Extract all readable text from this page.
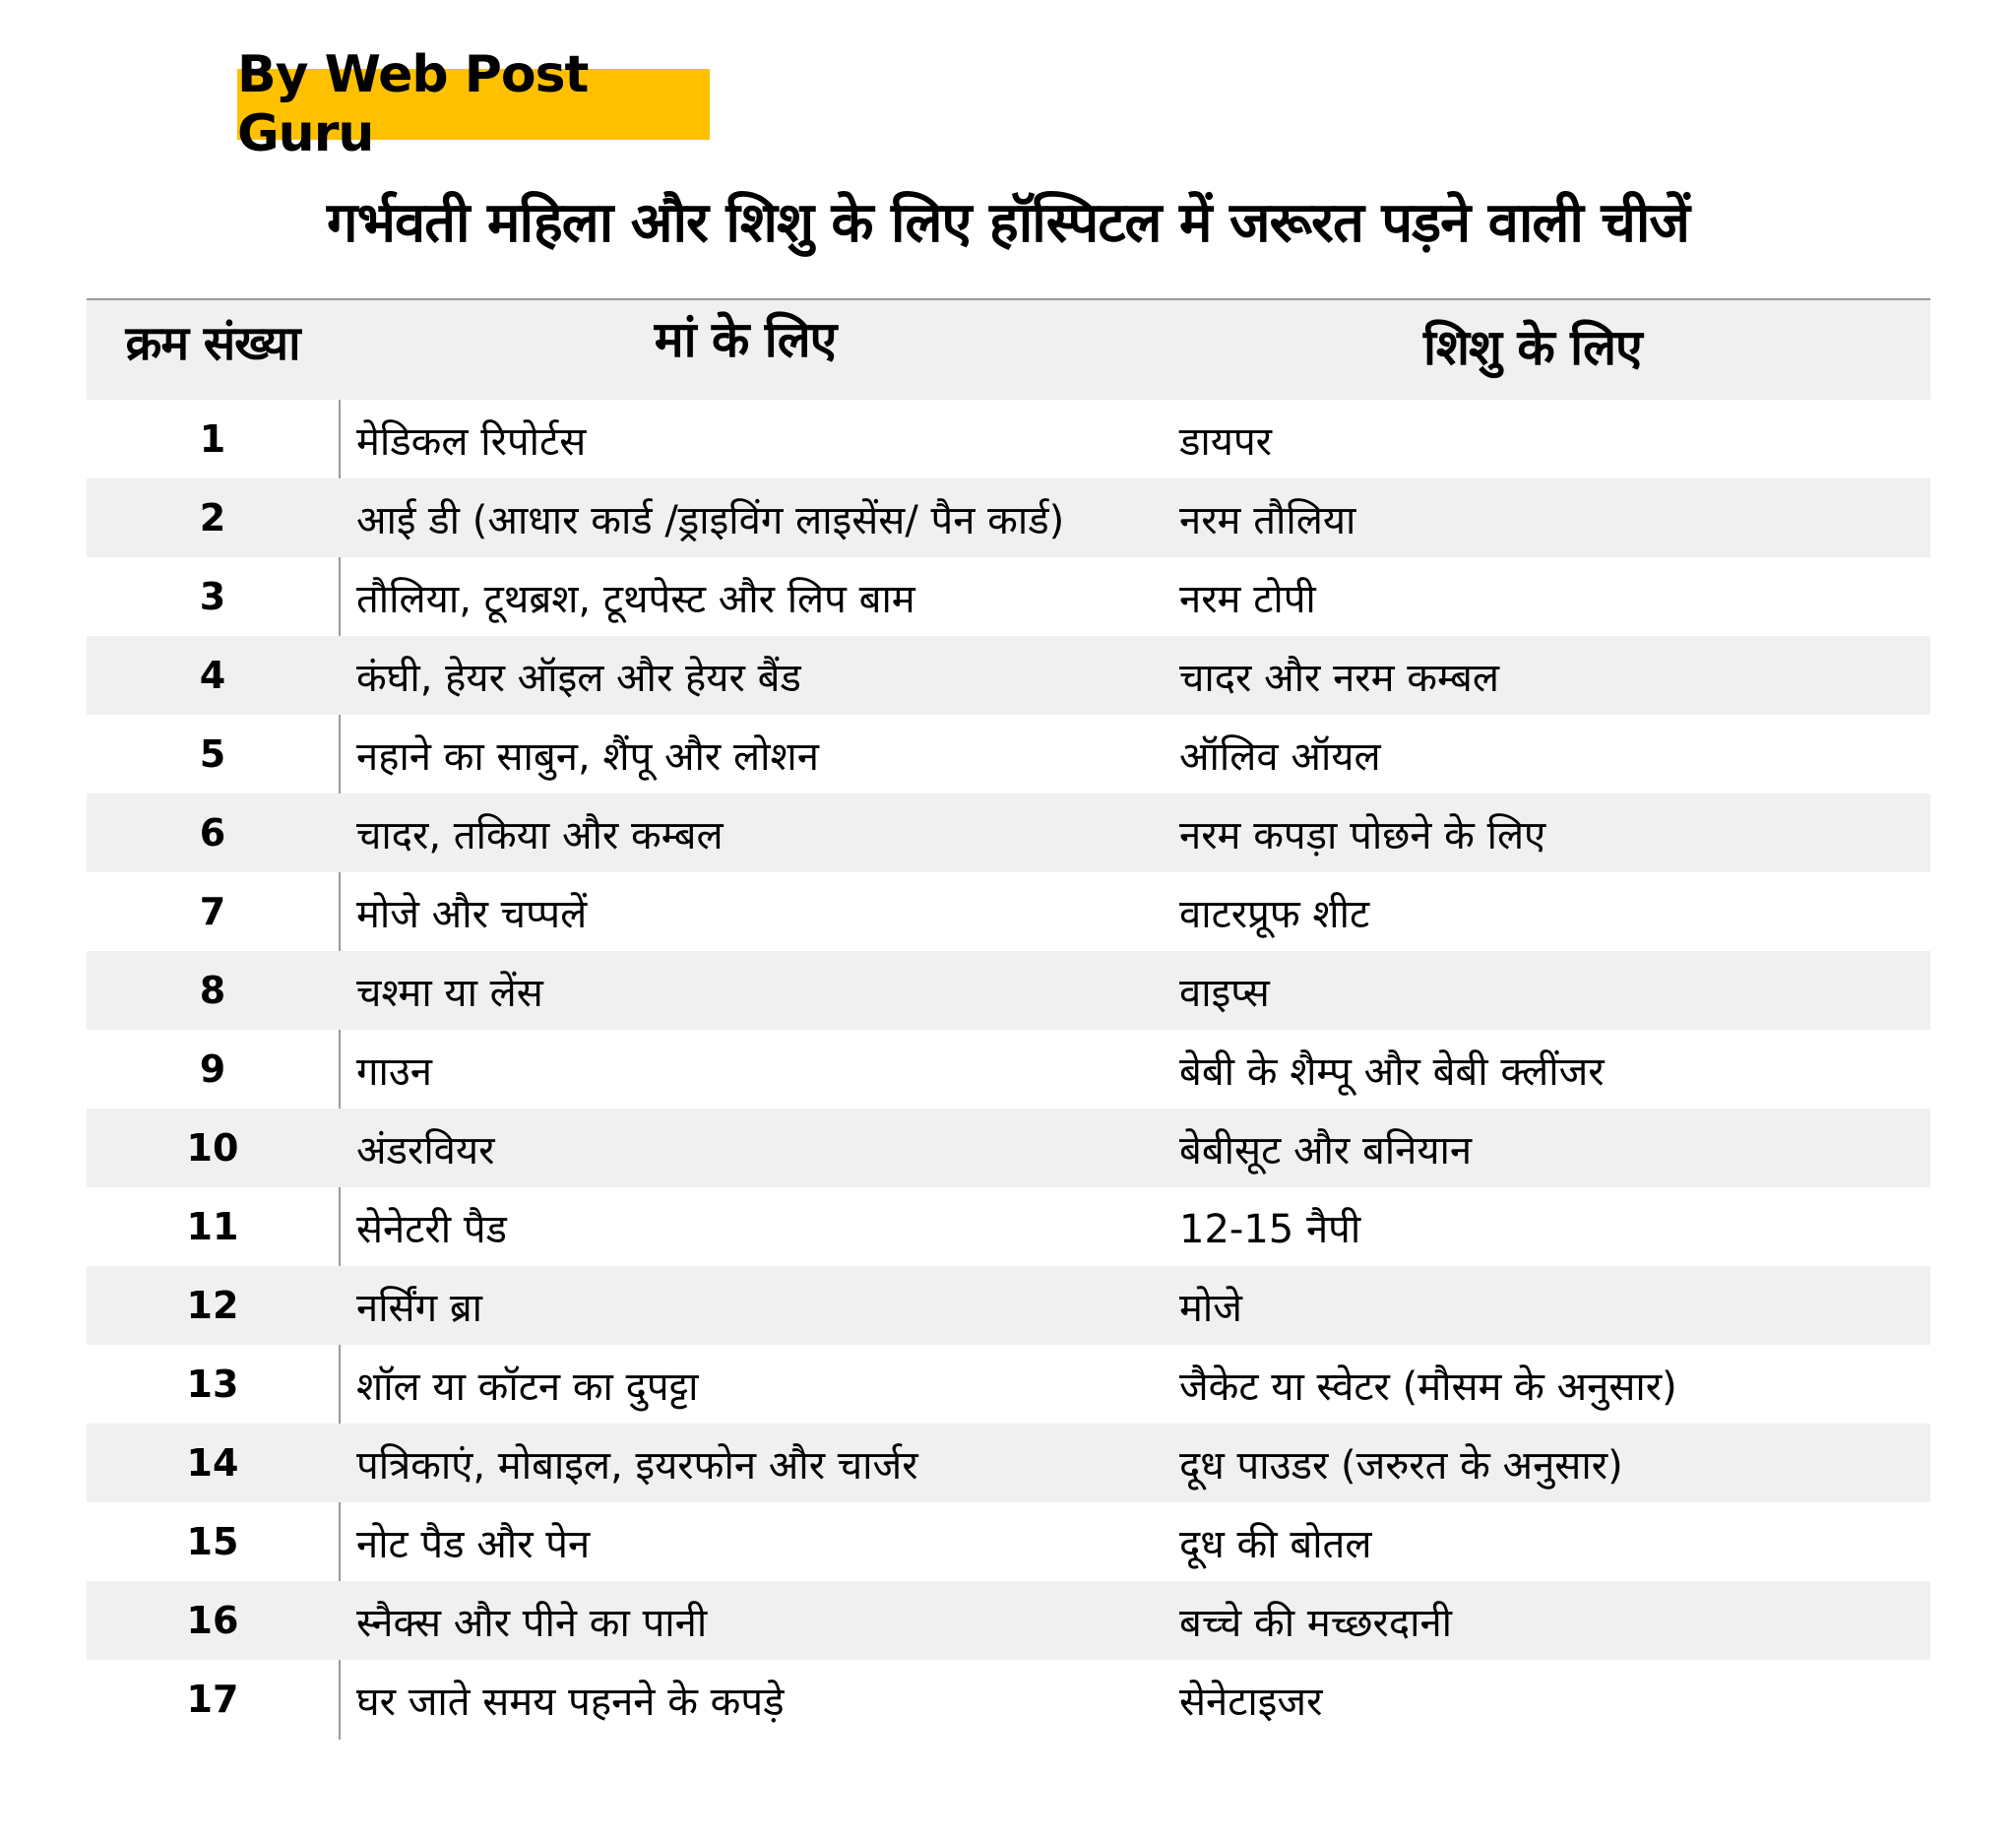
By Web Post Guru
गर्भवती महिला और शिशु के लिए हॉस्पिटल में जरूरत पड़ने वाली चीजें
क्रम संख्या	मां के लिए	शिशु के लिए
1	मेडिकल रिपोर्टस	डायपर
2	आई डी (आधार कार्ड /ड्राइविंग लाइसेंस/ पैन कार्ड)	नरम तौलिया
3	तौलिया, टूथब्रश, टूथपेस्ट और लिप बाम	नरम टोपी
4	कंघी, हेयर ऑइल और हेयर बैंड	चादर और नरम कम्बल
5	नहाने का साबुन, शैंपू और लोशन	ऑलिव ऑयल
6	चादर, तकिया और कम्बल	नरम कपड़ा पोछने के लिए
7	मोजे और चप्पलें	वाटरप्रूफ शीट
8	चश्मा या लेंस	वाइप्स
9	गाउन	बेबी के शैम्पू और बेबी क्लींजर
10	अंडरवियर	बेबीसूट और बनियान
11	सेनेटरी पैड	12-15 नैपी
12	नर्सिंग ब्रा	मोजे
13	शॉल या कॉटन का दुपट्टा	जैकेट या स्वेटर (मौसम के अनुसार)
14	पत्रिकाएं, मोबाइल, इयरफोन और चार्जर	दूध पाउडर (जरुरत के अनुसार)
15	नोट पैड और पेन	दूध की बोतल
16	स्नैक्स और पीने का पानी	बच्चे की मच्छरदानी
17	घर जाते समय पहनने के कपड़े	सेनेटाइजर
